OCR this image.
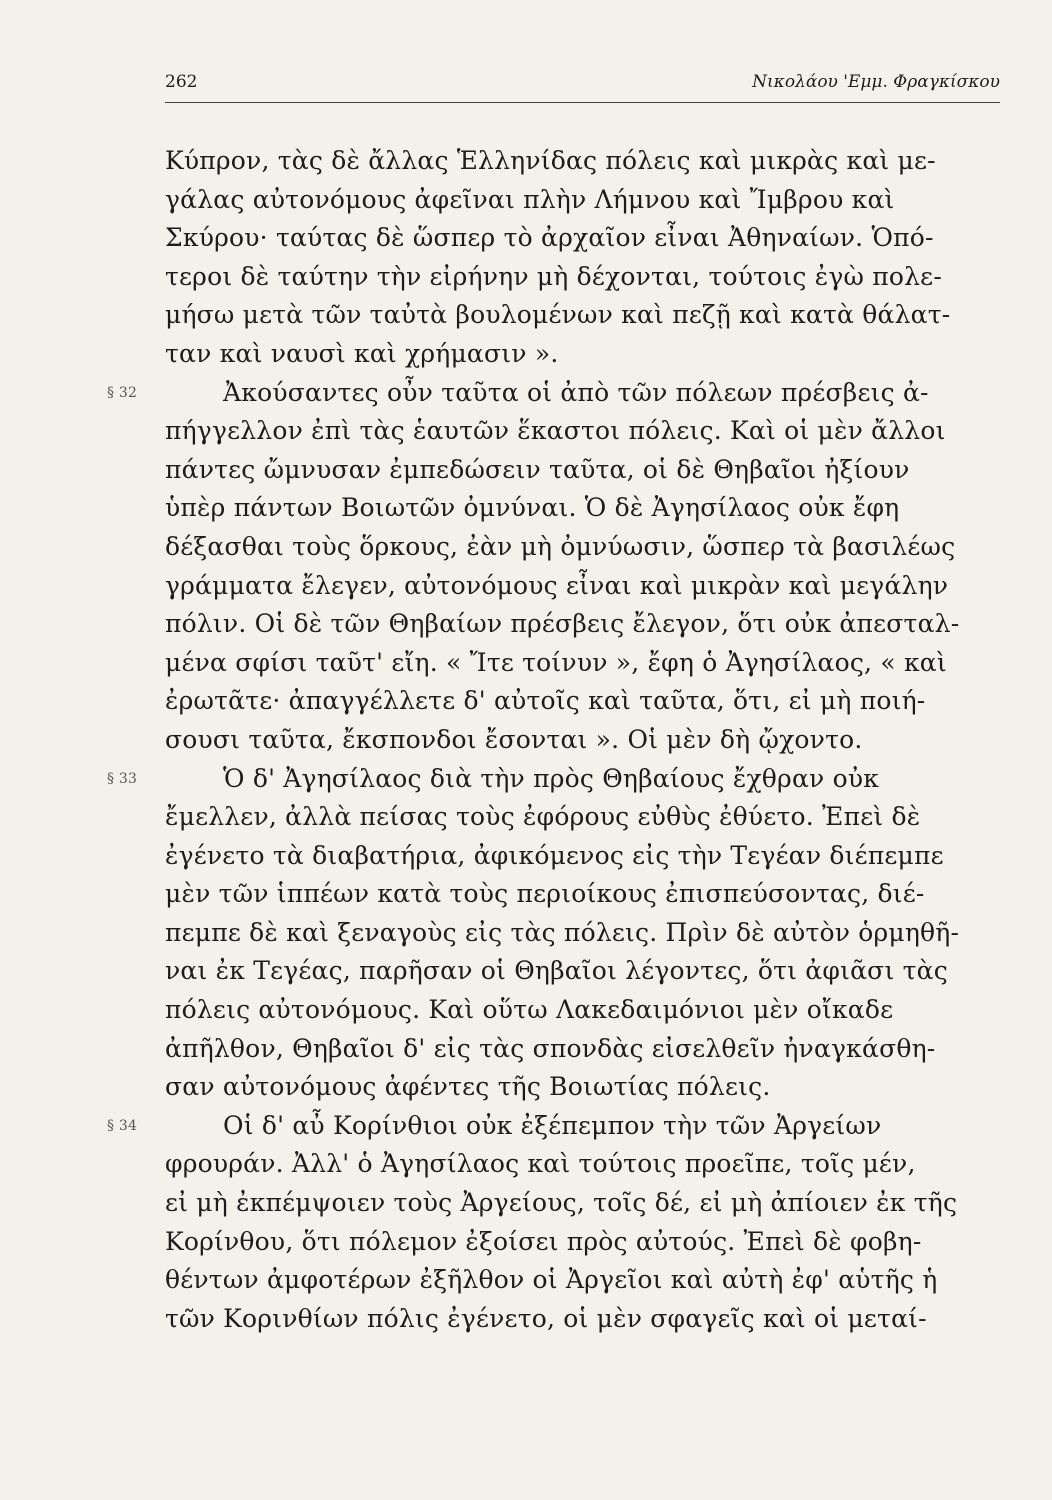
262	Νικολάου 'Εμμ. Φραγκίσκου
Κύπρον, τὰς δὲ ἄλλας Ἑλληνίδας πόλεις καὶ μικρὰς καὶ με-
γάλας αὐτονόμους ἀφεῖναι πλὴν Λήμνου καὶ Ἴμβρου καὶ
Σκύρου· ταύτας δὲ ὥσπερ τὸ ἀρχαῖον εἶναι Ἀθηναίων. Ὁπό-
τεροι δὲ ταύτην τὴν εἰρήνην μὴ δέχονται, τούτοις ἐγὼ πολε-
μήσω μετὰ τῶν ταὐτὰ βουλομένων καὶ πεζῇ καὶ κατὰ θάλατ-
ταν καὶ ναυσὶ καὶ χρήμασιν ».
§ 32	Ἀκούσαντες οὖν ταῦτα οἱ ἀπὸ τῶν πόλεων πρέσβεις ἀ-
πήγγελλον ἐπὶ τὰς ἑαυτῶν ἕκαστοι πόλεις. Καὶ οἱ μὲν ἄλλοι
πάντες ὤμνυσαν ἐμπεδώσειν ταῦτα, οἱ δὲ Θηβαῖοι ἠξίουν
ὑπὲρ πάντων Βοιωτῶν ὀμνύναι. Ὁ δὲ Ἀγησίλαος οὐκ ἔφη
δέξασθαι τοὺς ὅρκους, ἐὰν μὴ ὀμνύωσιν, ὥσπερ τὰ βασιλέως
γράμματα ἔλεγεν, αὐτονόμους εἶναι καὶ μικρὰν καὶ μεγάλην
πόλιν. Οἱ δὲ τῶν Θηβαίων πρέσβεις ἔλεγον, ὅτι οὐκ ἀπεσταλ-
μένα σφίσι ταῦτ' εἴη. « Ἴτε τοίνυν », ἔφη ὁ Ἀγησίλαος, « καὶ
ἐρωτᾶτε· ἀπαγγέλλετε δ' αὐτοῖς καὶ ταῦτα, ὅτι, εἰ μὴ ποιή-
σουσι ταῦτα, ἔκσπονδοι ἔσονται ». Οἱ μὲν δὴ ᾤχοντο.
§ 33	Ὁ δ' Ἀγησίλαος διὰ τὴν πρὸς Θηβαίους ἔχθραν οὐκ
ἔμελλεν, ἀλλὰ πείσας τοὺς ἐφόρους εὐθὺς ἐθύετο. Ἐπεὶ δὲ
ἐγένετο τὰ διαβατήρια, ἀφικόμενος εἰς τὴν Τεγέαν διέπεμπε
μὲν τῶν ἱππέων κατὰ τοὺς περιοίκους ἐπισπεύσοντας, διέ-
πεμπε δὲ καὶ ξεναγοὺς εἰς τὰς πόλεις. Πρὶν δὲ αὐτὸν ὁρμηθῆ-
ναι ἐκ Τεγέας, παρῆσαν οἱ Θηβαῖοι λέγοντες, ὅτι ἀφιᾶσι τὰς
πόλεις αὐτονόμους. Καὶ οὕτω Λακεδαιμόνιοι μὲν οἴκαδε
ἀπῆλθον, Θηβαῖοι δ' εἰς τὰς σπονδὰς εἰσελθεῖν ἠναγκάσθη-
σαν αὐτονόμους ἀφέντες τῆς Βοιωτίας πόλεις.
§ 34	Οἱ δ' αὖ Κορίνθιοι οὐκ ἐξέπεμπον τὴν τῶν Ἀργείων
φρουράν. Ἀλλ' ὁ Ἀγησίλαος καὶ τούτοις προεῖπε, τοῖς μέν,
εἰ μὴ ἐκπέμψοιεν τοὺς Ἀργείους, τοῖς δέ, εἰ μὴ ἀπίοιεν ἐκ τῆς
Κορίνθου, ὅτι πόλεμον ἐξοίσει πρὸς αὐτούς. Ἐπεὶ δὲ φοβη-
θέντων ἀμφοτέρων ἐξῆλθον οἱ Ἀργεῖοι καὶ αὐτὴ ἐφ' αὑτῆς ἡ
τῶν Κορινθίων πόλις ἐγένετο, οἱ μὲν σφαγεῖς καὶ οἱ μεταί-
